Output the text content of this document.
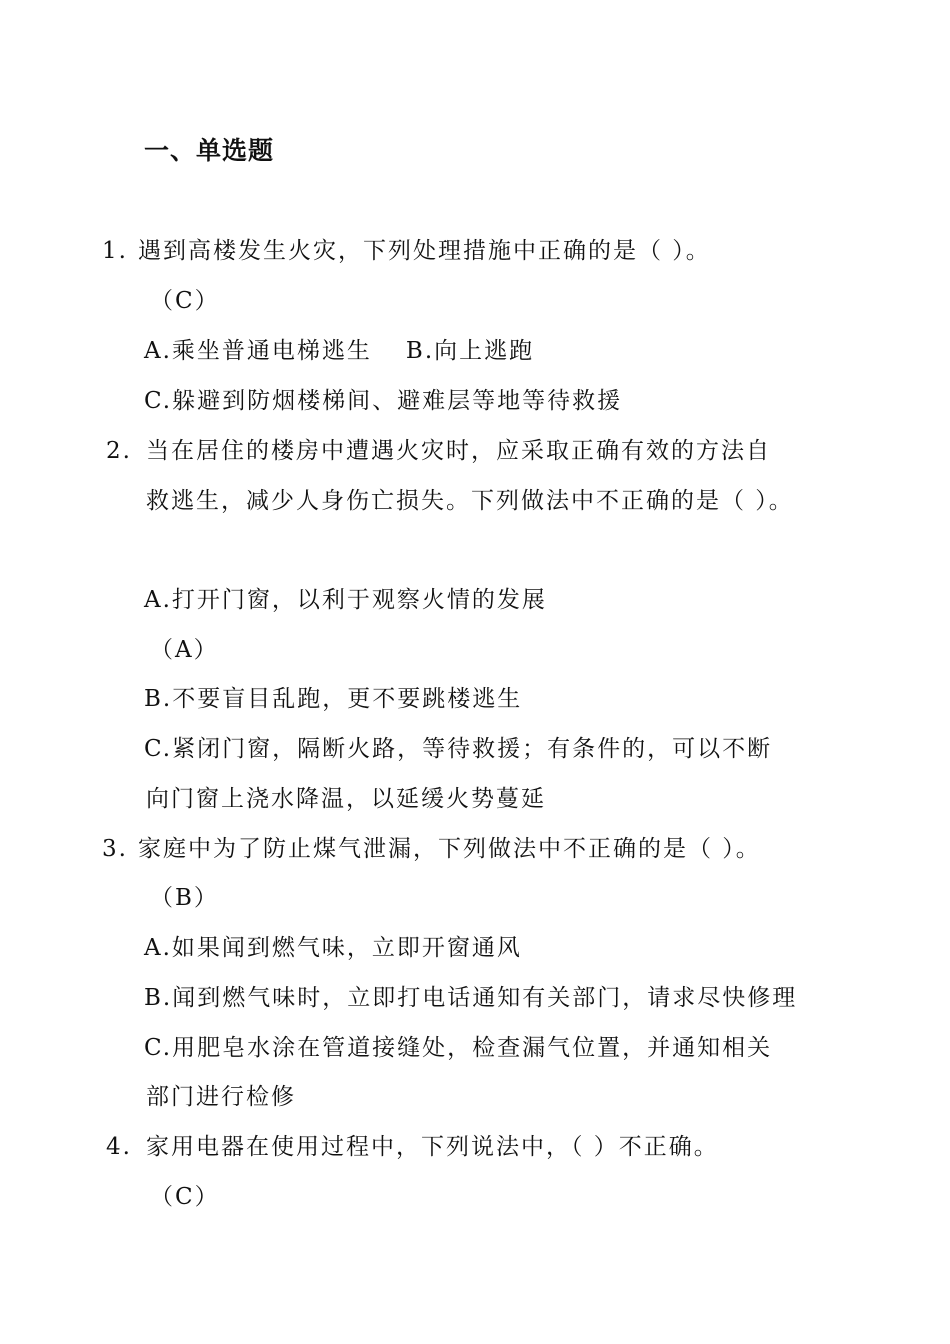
一、单选题
1. 遇到高楼发生火灾，下列处理措施中正确的是（ ）。
（C）
A.乘坐普通电梯逃生 B.向上逃跑
C.躲避到防烟楼梯间、避难层等地等待救援
2. 当在居住的楼房中遭遇火灾时，应采取正确有效的方法自
救逃生，减少人身伤亡损失。下列做法中不正确的是（ ）。
A.打开门窗，以利于观察火情的发展
（A）
B.不要盲目乱跑，更不要跳楼逃生
C.紧闭门窗，隔断火路，等待救援；有条件的，可以不断
向门窗上浇水降温，以延缓火势蔓延
3. 家庭中为了防止煤气泄漏，下列做法中不正确的是（ ）。
（B）
A.如果闻到燃气味，立即开窗通风
B.闻到燃气味时，立即打电话通知有关部门，请求尽快修理
C.用肥皂水涂在管道接缝处，检查漏气位置，并通知相关
部门进行检修
4. 家用电器在使用过程中，下列说法中，（ ）不正确。
（C）
